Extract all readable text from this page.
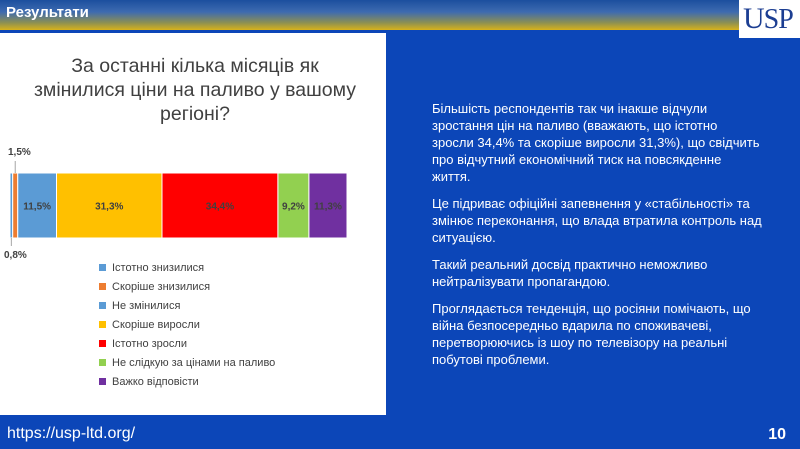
Результати	USP
За останні кілька місяців як змінилися ціни на паливо у вашому регіоні?
0,8%
1,5%
11,5%	31,3%	34,4%	9,2% 11,3%
Істотно знизилися
Скоріше знизилися
Не змінилися
Скоріше виросли
Істотно зросли
Не слідкую за цінами на паливо
Важко відповісти

Більшість респондентів так чи інакше відчули зростання цін на паливо (вважають, що істотно зросли 34,4% та скоріше виросли 31,3%), що свідчить про відчутний економічний тиск на повсякденне життя.

Це підриває офіційні запевнення у «стабільності» та змінює переконання, що влада втратила контроль над ситуацією.

Такий реальний досвід практично неможливо нейтралізувати пропагандою.

Проглядається тенденція, що росіяни помічають, що війна безпосередньо вдарила по споживачеві, перетворюючись із шоу по телевізору на реальні побутові проблеми.

https://usp-ltd.org/	10
